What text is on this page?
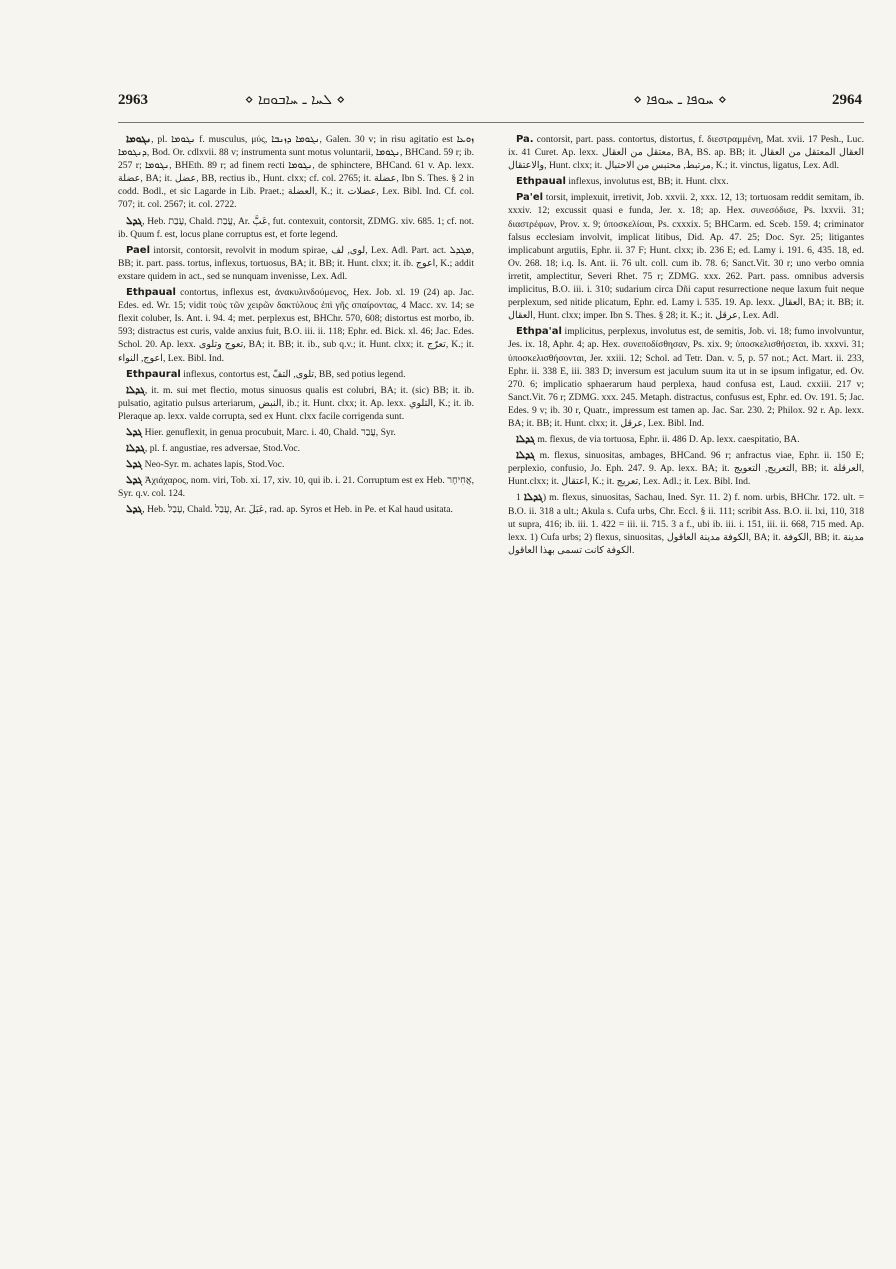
2963	⋄ ܠܚܐ ـ ܚܐܒܘܩܐ ⋄	⋄ ܚܘܦܐ ـ ܚܘܦܐ ⋄	2964

ܢܓܘܡܐ, pl. ܢܓܘܡܐ f. musculus, μύς, ܢܓܘܡܐ ܕܙܢܒܐ, Galen. 30 v; in risu agitatio est ܙܘܥܐ ܕܢܓܘܡܐ, Bod. Or. cdlxvii. 88 v; instrumenta sunt motus voluntarii, ܢܓܘܡܐ, BHCand. 59 r; ib. 257 r; ܢܓܘܡܐ, BHEth. 89 r; ad finem recti ܢܓܘܡܐ, de sphinctere, BHCand. 61 v. Ap. lexx. عضلة, BA; it. عضل, BB, rectius ib., Hunt. clxx; cf. col. 2765; it. عضلة, Ibn S. Thes. § 2 in codd. Bodl., et sic Lagarde in Lib. Praet.; العضلة, K.; it. عضلات, Lex. Bibl. Ind. Cf. col. 707; it. col. 2567; it. col. 2722.

ܓܕܠ, Heb. עָבַת, Chald. עֲבַת, Ar. عَبَّ, fut. contexuit, contorsit, ZDMG. xiv. 685. 1; cf. not. ib. Quum f. est, locus plane corruptus est, et forte legend.

Pael intorsit, contorsit, revolvit in modum spirae, لوى, لف, Lex. Adl. Part. act. ܡܓܕܠ, BB; it. part. pass. tortus, inflexus, tortuosus, BA; it. BB; it. Hunt. clxx; it. ib. اعوج, K.; addit exstare quidem in act., sed se nunquam invenisse, Lex. Adl.

Ethpaual contortus, inflexus est, ἀνακυλινδούμενος, Hex. Job. xl. 19 (24) ap. Jac. Edes. ed. Wr. 15; vidit τοὺς τῶν χειρῶν δακτύλους ἐπὶ γῆς σπαίροντας, 4 Macc. xv. 14; se flexit coluber, Is. Ant. i. 94. 4; met. perplexus est, BHChr. 570, 608; distortus est morbo, ib. 593; distractus est curis, valde anxius fuit, B.O. iii. ii. 118; Ephr. ed. Bick. xl. 46; Jac. Edes. Schol. 20. Ap. lexx. تعوج وتلوى, BA; it. BB; it. ib., sub q.v.; it. Hunt. clxx; it. تعرّج, K.; it. اعوج, النواء, Lex. Bibl. Ind.

Ethpaural inflexus, contortus est, تلوى, التفّ, BB, sed potius legend.

ܓܕܠܐ, it. m. sui met flectio, motus sinuosus qualis est colubri, BA; it. (sic) BB; it. ib. pulsatio, agitatio pulsus arteriarum, النبض, ib.; it. Hunt. clxx; it. Ap. lexx. التلوي, K.; it. ib. Pleraque ap. lexx. valde corrupta, sed ex Hunt. clxx facile corrigenda sunt.

ܓܕܠ Hier. genuflexit, in genua procubuit, Marc. i. 40, Chald. עֲבַר, Syr.

ܓܕܠܐ, pl. f. angustiae, res adversae, Stod.Voc.

ܓܕܠ Neo-Syr. m. achates lapis, Stod.Voc.

ܓܕܠ Ἀχιάχαρος, nom. viri, Tob. xi. 17, xiv. 10, qui ib. i. 21. Corruptum est ex Heb. אֲחִיחָר, Syr. q.v. col. 124.

ܓܕܠ, Heb. עָבַל, Chald. עֲבַל, Ar. عَبَلَ, rad. ap. Syros et Heb. in Pe. et Kal haud usitata.

Pa. contorsit, part. pass. contortus, distortus, f. διεστραμμένη, Mat. xvii. 17 Pesh., Luc. ix. 41 Curet. Ap. lexx. معتقل من العقال, BA, BS. ap. BB; it. العقال المعتقل من العقال والاعتقال, Hunt. clxx; it. مرتبط, محتبس من الاحتبال, K.; it. vinctus, ligatus, Lex. Adl.

Ethpaual inflexus, involutus est, BB; it. Hunt. clxx.

Pa'el torsit, implexuit, irretivit, Job. xxvii. 2, xxx. 12, 13; tortuosam reddit semitam, ib. xxxiv. 12; excussit quasi e funda, Jer. x. 18; ap. Hex. συνεσόδισε, Ps. lxxvii. 31; διαστρέφων, Prov. x. 9; ὑποσκελίσαι, Ps. cxxxix. 5; BHCarm. ed. Sceb. 159. 4; criminator falsus ecclesiam involvit, implicat litibus, Did. Ap. 47. 25; Doc. Syr. 25; litigantes implicabunt argutiis, Ephr. ii. 37 F; Hunt. clxx; ib. 236 E; ed. Lamy i. 191. 6, 435. 18, ed. Ov. 268. 18; i.q. Is. Ant. ii. 76 ult. coll. cum ib. 78. 6; Sanct.Vit. 30 r; uno verbo omnia irretit, amplectitur, Severi Rhet. 75 r; ZDMG. xxx. 262. Part. pass. omnibus adversis implicitus, B.O. iii. i. 310; sudarium circa Dñi caput resurrectione neque laxum fuit neque perplexum, sed nitide plicatum, Ephr. ed. Lamy i. 535. 19. Ap. lexx. العقال, BA; it. BB; it. العقال, Hunt. clxx; imper. Ibn S. Thes. § 28; it. K.; it. عرقل, Lex. Adl.

Ethpa'al implicitus, perplexus, involutus est, de semitis, Job. vi. 18; fumo involvuntur, Jes. ix. 18, Aphr. 4; ap. Hex. συνεποδίσθησαν, Ps. xix. 9; ὑποσκελισθήσεται, ib. xxxvi. 31; ὑποσκελισθήσονται, Jer. xxiii. 12; Schol. ad Tetr. Dan. v. 5, p. 57 not.; Act. Mart. ii. 233, Ephr. ii. 338 E, iii. 383 D; inversum est jaculum suum ita ut in se ipsum infigatur, ed. Ov. 270. 6; implicatio sphaerarum haud perplexa, haud confusa est, Laud. cxxiii. 217 v; Sanct.Vit. 76 r; ZDMG. xxx. 245. Metaph. distractus, confusus est, Ephr. ed. Ov. 191. 5; Jac. Edes. 9 v; ib. 30 r, Quatr., impressum est tamen ap. Jac. Sar. 230. 2; Philox. 92 r. Ap. lexx. BA; it. BB; it. Hunt. clxx; it. عرقل, Lex. Bibl. Ind.

ܓܕܠܐ m. flexus, de via tortuosa, Ephr. ii. 486 D. Ap. lexx. caespitatio, BA.

ܓܕܠܐ m. flexus, sinuositas, ambages, BHCand. 96 r; anfractus viae, Ephr. ii. 150 E; perplexio, confusio, Jo. Eph. 247. 9. Ap. lexx. BA; it. التعريج, التعويج, BB; it. العرقلة, Hunt.clxx; it. اعتقال, K.; it. تعريج, Lex. Adl.; it. Lex. Bibl. Ind.

ܓܕܠܐ 1) m. flexus, sinuositas, Sachau, Ined. Syr. 11. 2) f. nom. urbis, BHChr. 172. ult. = B.O. ii. 318 a ult.; Akula s. Cufa urbs, Chr. Eccl. § ii. 111; scribit Ass. B.O. ii. lxi, 110, 318 ut supra, 416; ib. iii. 1. 422 = iii. ii. 715. 3 a f., ubi ib. iii. i. 151, iii. ii. 668, 715 med. Ap. lexx. 1) Cufa urbs; 2) flexus, sinuositas, الكوفة مدينة العاقول, BA; it. الكوفة, BB; it. مدينة الكوفة كانت تسمى بهذا العاقول.
